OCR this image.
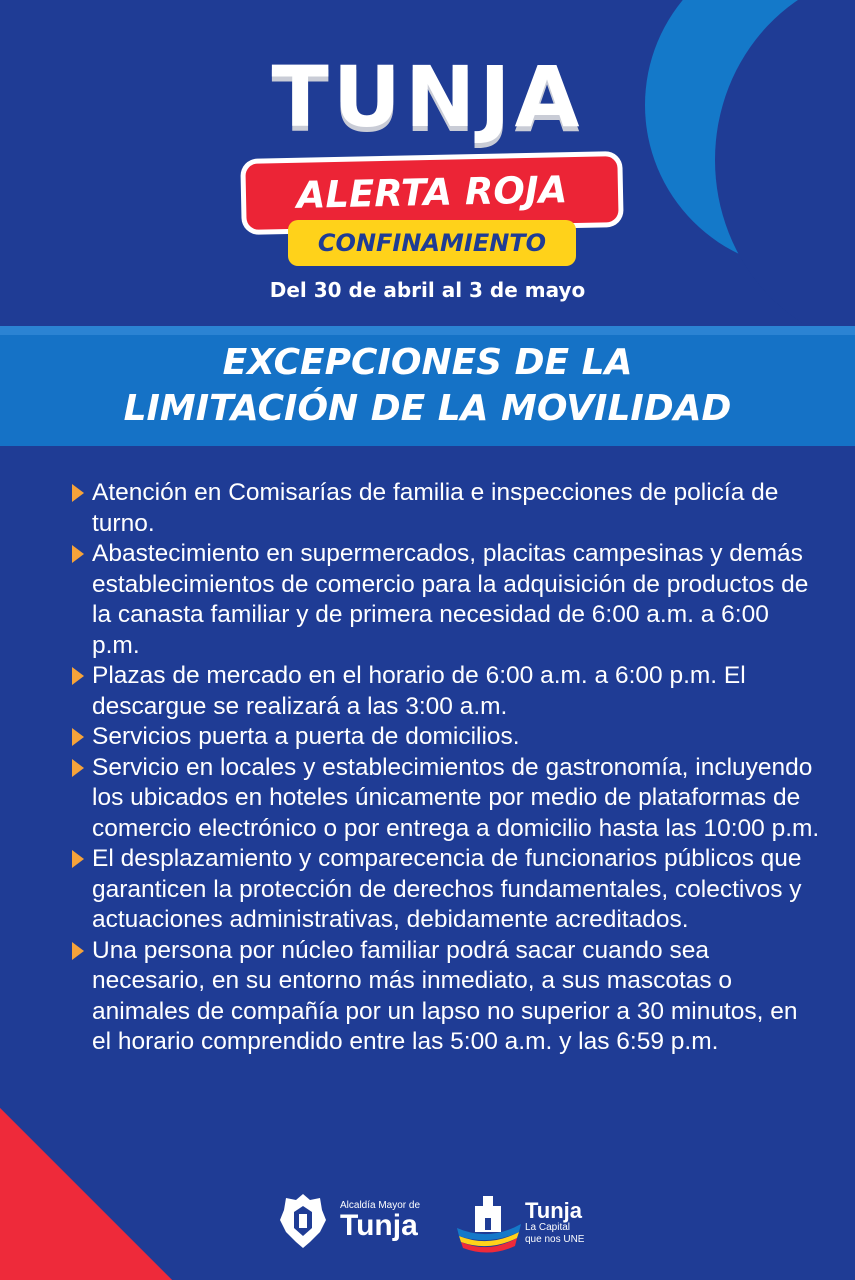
TUNJA
ALERTA ROJA
CONFINAMIENTO
Del 30 de abril al 3 de mayo
EXCEPCIONES DE LA
LIMITACIÓN DE LA MOVILIDAD
Atención en Comisarías de familia e inspecciones de policía de turno.
Abastecimiento en supermercados, placitas campesinas y demás establecimientos de comercio para la adquisición de productos de la canasta familiar y de primera necesidad de 6:00 a.m. a 6:00 p.m.
Plazas de mercado en el horario de 6:00 a.m. a 6:00 p.m. El descargue se realizará a las 3:00 a.m.
Servicios puerta a puerta de domicilios.
Servicio en locales y establecimientos de gastronomía, incluyendo los ubicados en hoteles únicamente por medio de plataformas de comercio electrónico o por entrega a domicilio hasta las 10:00 p.m.
El desplazamiento y comparecencia de funcionarios públicos que garanticen la protección de derechos fundamentales, colectivos y actuaciones administrativas, debidamente acreditados.
Una persona por núcleo familiar podrá sacar cuando sea necesario, en su entorno más inmediato, a sus mascotas o animales de compañía por un lapso no superior a 30 minutos, en el horario comprendido entre las 5:00 a.m. y las 6:59 p.m.
Alcaldía Mayor de
Tunja	Tunja
La Capital
que nos UNE
